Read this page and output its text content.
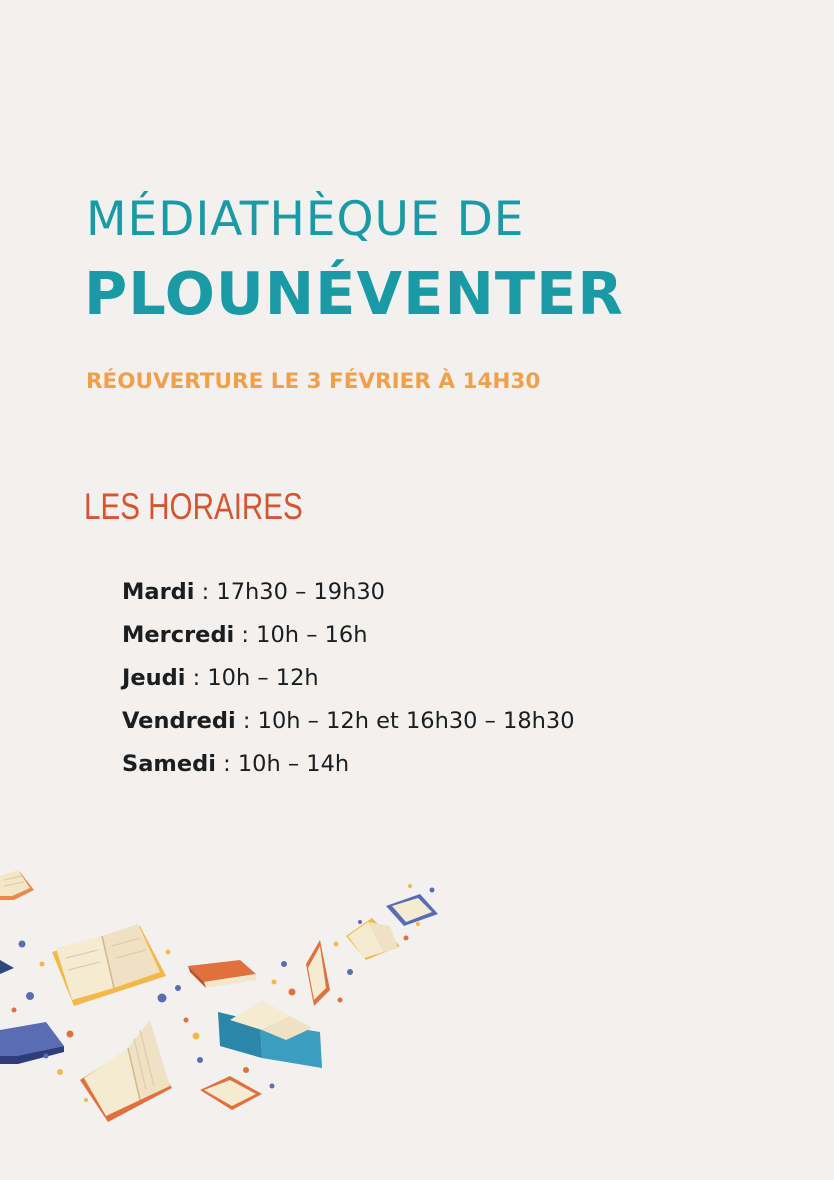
MÉDIATHÈQUE DE
PLOUNÉVENTER
RÉOUVERTURE LE 3 FÉVRIER À 14H30
LES HORAIRES
Mardi : 17h30 – 19h30
Mercredi : 10h – 16h
Jeudi : 10h – 12h
Vendredi : 10h – 12h et 16h30 – 18h30
Samedi : 10h – 14h
